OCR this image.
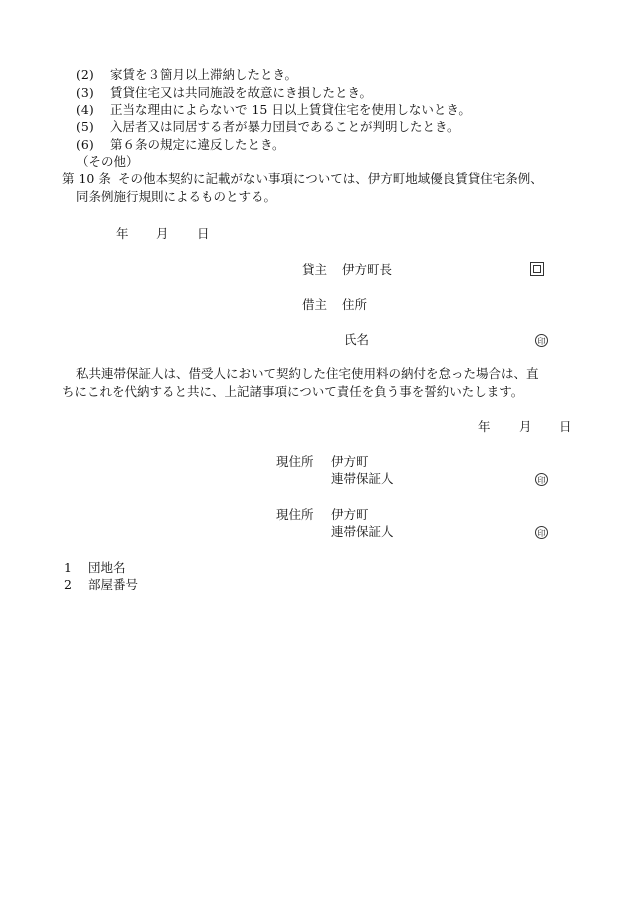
(2) 家賃を３箇月以上滞納したとき。
(3) 賃貸住宅又は共同施設を故意にき損したとき。
(4) 正当な理由によらないで 15 日以上賃貸住宅を使用しないとき。
(5) 入居者又は同居する者が暴力団員であることが判明したとき。
(6) 第６条の規定に違反したとき。
（その他）
第 10 条 その他本契約に記載がない事項については、伊方町地域優良賃貸住宅条例、
同条例施行規則によるものとする。
年 月 日
貸主 伊方町長
借主 住所
氏名	印
私共連帯保証人は、借受人において契約した住宅使用料の納付を怠った場合は、直
ちにこれを代納すると共に、上記諸事項について責任を負う事を誓約いたします。
年 月 日
現住所 伊方町
連帯保証人	印
現住所 伊方町
連帯保証人	印
1 団地名
2 部屋番号
